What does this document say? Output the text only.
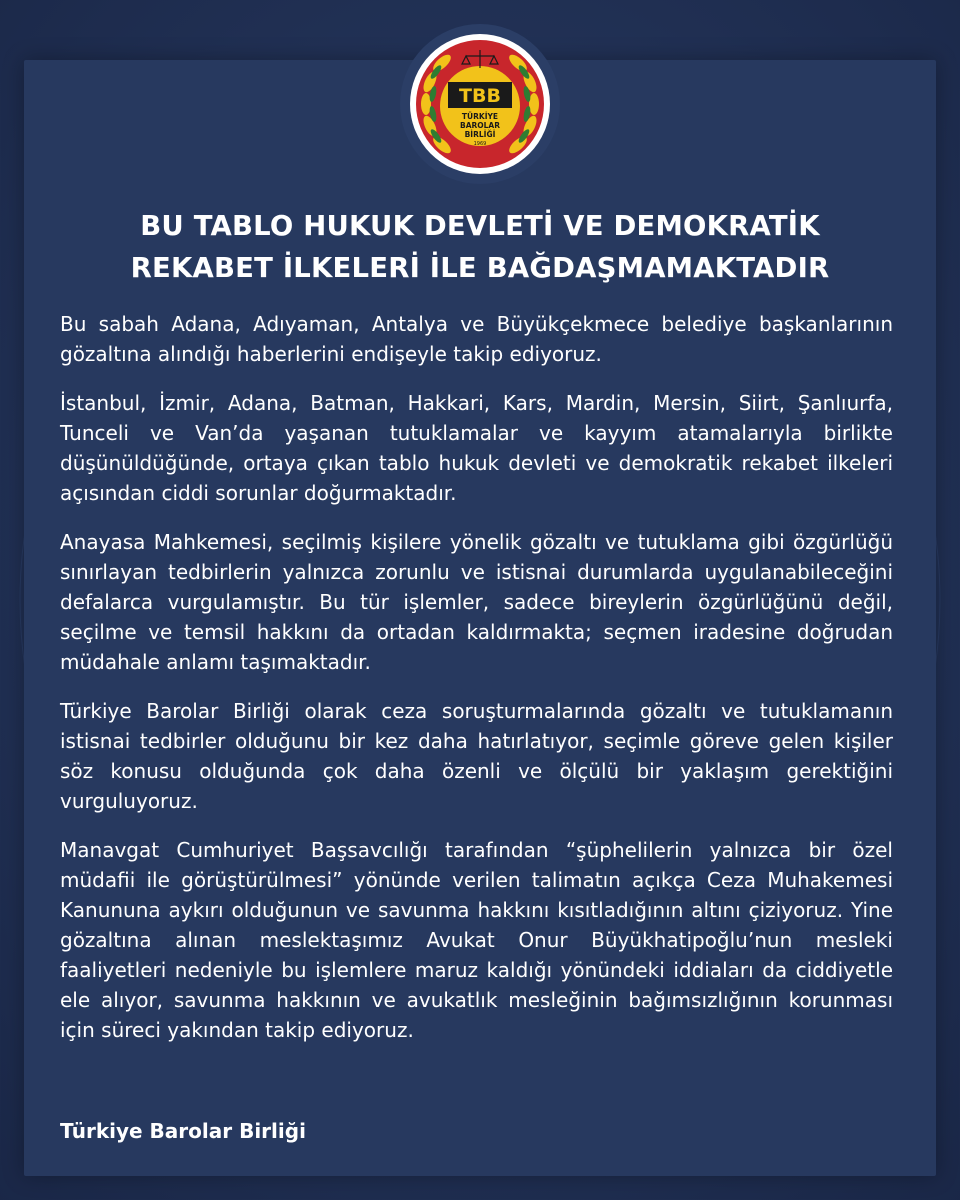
TBB
TÜRKİYE
BAROLAR
BİRLİĞİ
1969
BU TABLO HUKUK DEVLETİ VE DEMOKRATİK
REKABET İLKELERİ İLE BAĞDAŞMAMAKTADIR

Bu sabah Adana, Adıyaman, Antalya ve Büyükçekmece belediye başkanlarının gözaltına alındığı haberlerini endişeyle takip ediyoruz.

İstanbul, İzmir, Adana, Batman, Hakkari, Kars, Mardin, Mersin, Siirt, Şanlıurfa, Tunceli ve Van’da yaşanan tutuklamalar ve kayyım atamalarıyla birlikte düşünüldüğünde, ortaya çıkan tablo hukuk devleti ve demokratik rekabet ilkeleri açısından ciddi sorunlar doğurmaktadır.

Anayasa Mahkemesi, seçilmiş kişilere yönelik gözaltı ve tutuklama gibi özgürlüğü sınırlayan tedbirlerin yalnızca zorunlu ve istisnai durumlarda uygulanabileceğini defalarca vurgulamıştır. Bu tür işlemler, sadece bireylerin özgürlüğünü değil, seçilme ve temsil hakkını da ortadan kaldırmakta; seçmen iradesine doğrudan müdahale anlamı taşımaktadır.

Türkiye Barolar Birliği olarak ceza soruşturmalarında gözaltı ve tutuklamanın istisnai tedbirler olduğunu bir kez daha hatırlatıyor, seçimle göreve gelen kişiler söz konusu olduğunda çok daha özenli ve ölçülü bir yaklaşım gerektiğini vurguluyoruz.

Manavgat Cumhuriyet Başsavcılığı tarafından “şüphelilerin yalnızca bir özel müdafii ile görüştürülmesi” yönünde verilen talimatın açıkça Ceza Muhakemesi Kanununa aykırı olduğunun ve savunma hakkını kısıtladığının altını çiziyoruz. Yine gözaltına alınan meslektaşımız Avukat Onur Büyükhatipoğlu’nun mesleki faaliyetleri nedeniyle bu işlemlere maruz kaldığı yönündeki iddiaları da ciddiyetle ele alıyor, savunma hakkının ve avukatlık mesleğinin bağımsızlığının korunması için süreci yakından takip ediyoruz.

Türkiye Barolar Birliği
